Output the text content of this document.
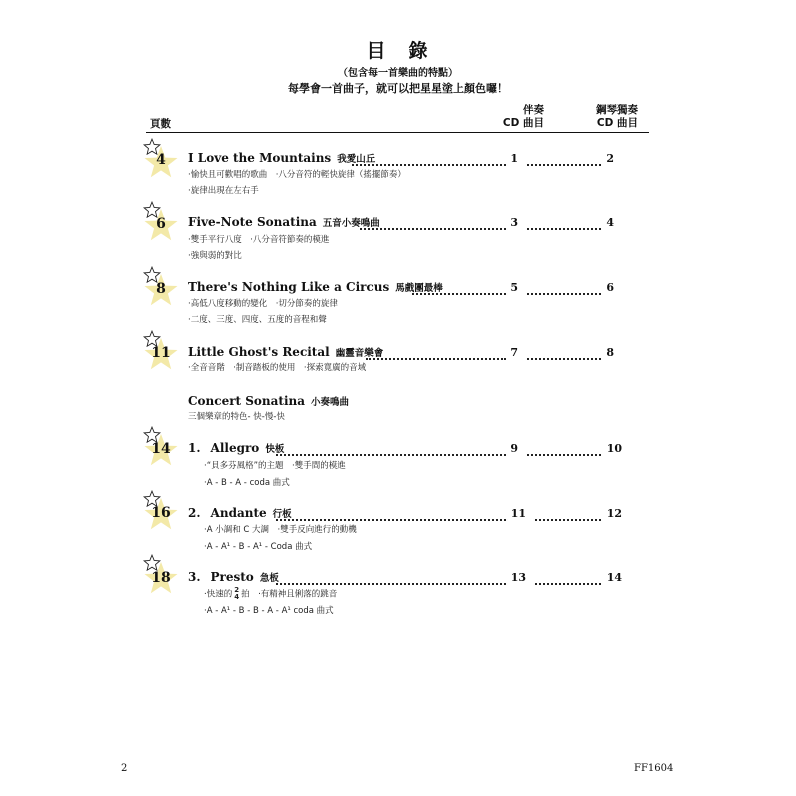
目　錄
（包含每一首樂曲的特點）
每學會一首曲子，就可以把星星塗上顏色囉！
伴奏
CD 曲目
鋼琴獨奏
CD 曲目
頁數
4	I Love the Mountains 我愛山丘	1	2
·愉快且可歡唱的歌曲　·八分音符的輕快旋律（搖擺節奏）
·旋律出現在左右手
6	Five-Note Sonatina 五音小奏鳴曲	3	4
·雙手平行八度　·八分音符節奏的模進
·強與弱的對比
8	There's Nothing Like a Circus 馬戲團最棒	5	6
·高低八度移動的變化　·切分節奏的旋律
·二度、三度、四度、五度的音程和聲
11	Little Ghost's Recital 幽靈音樂會	7	8
·全音音階　·制音踏板的使用　·探索寬廣的音域
Concert Sonatina 小奏鳴曲
三個樂章的特色- 快-慢-快
14	1. Allegro 快板	9	10
·“貝多芬風格”的主題　·雙手間的模進
·A - B - A - coda 曲式
16	2. Andante 行板	11	12
·A 小調和 C 大調　·雙手反向進行的動機
·A - A¹ - B - A¹ - Coda 曲式
18	3. Presto 急板	13	14
·快速的 2
4 拍　·有精神且俐落的跳音
·A - A¹ - B - B - A - A¹ coda 曲式
2	FF1604
